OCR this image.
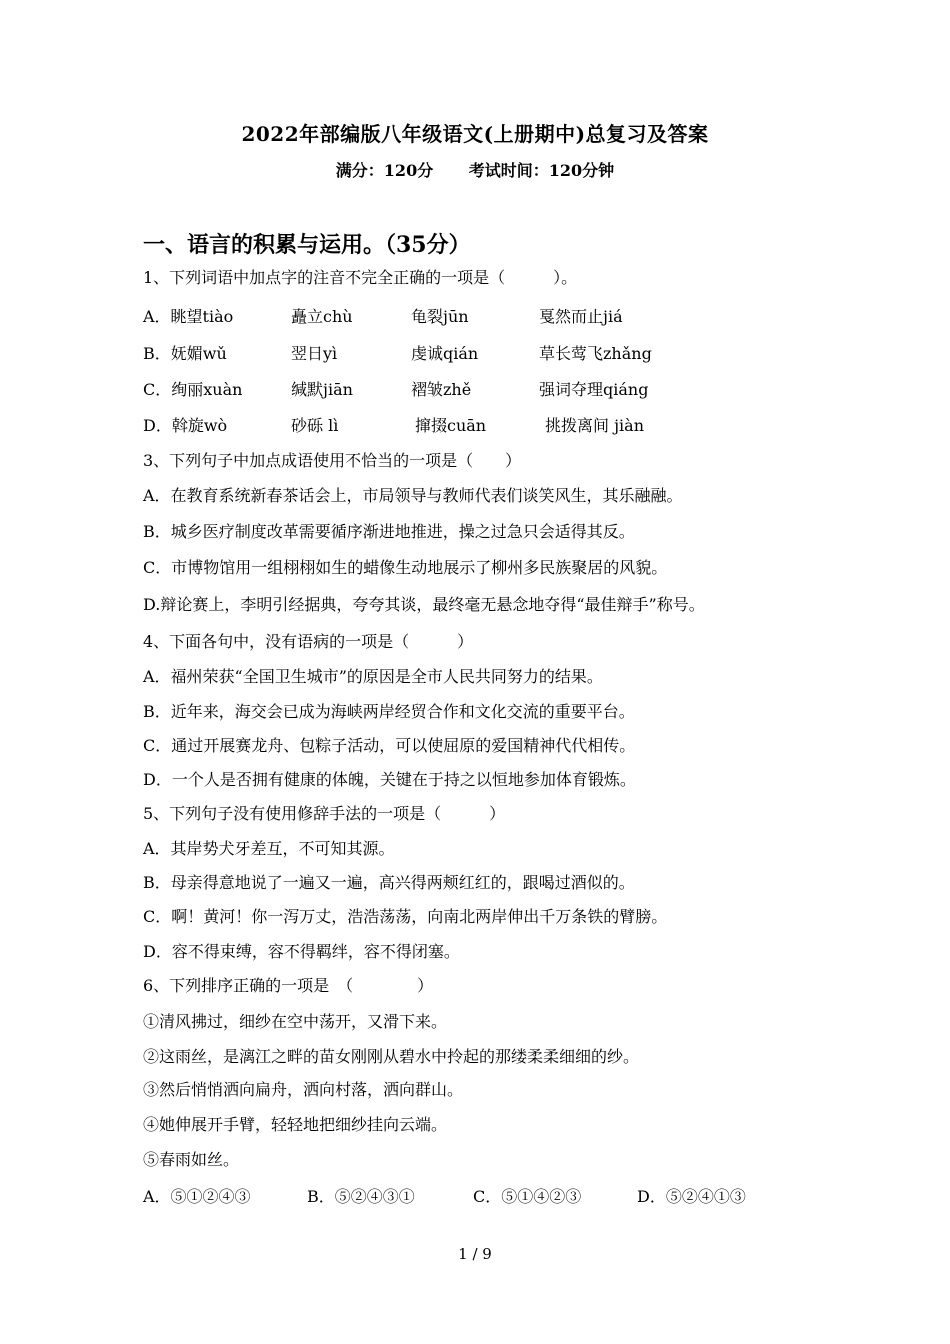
2022年部编版八年级语文(上册期中)总复习及答案
满分：120分 考试时间：120分钟
一、语言的积累与运用。（35分）
1、下列词语中加点字的注音不完全正确的一项是（　　　）。
A．眺望tiào	矗立chù	龟裂jūn	戛然而止jiá
B．妩媚wǔ	翌日yì	虔诚qián	草长莺飞zhǎng
C．绚丽xuàn	缄默jiān	褶皱zhě	强词夺理qiáng
D．斡旋wò	砂砾 lì	撺掇cuān	挑拨离间 jiàn
3、下列句子中加点成语使用不恰当的一项是（　　）
A．在教育系统新春茶话会上，市局领导与教师代表们谈笑风生，其乐融融。
B．城乡医疗制度改革需要循序渐进地推进，操之过急只会适得其反。
C．市博物馆用一组栩栩如生的蜡像生动地展示了柳州多民族聚居的风貌。
D.辩论赛上，李明引经据典，夸夸其谈，最终毫无悬念地夺得“最佳辩手”称号。
4、下面各句中，没有语病的一项是（　　　）
A．福州荣获“全国卫生城市”的原因是全市人民共同努力的结果。
B．近年来，海交会已成为海峡两岸经贸合作和文化交流的重要平台。
C．通过开展赛龙舟、包粽子活动，可以使屈原的爱国精神代代相传。
D．一个人是否拥有健康的体魄，关键在于持之以恒地参加体育锻炼。
5、下列句子没有使用修辞手法的一项是（　　　）
A．其岸势犬牙差互，不可知其源。
B．母亲得意地说了一遍又一遍，高兴得两颊红红的，跟喝过酒似的。
C．啊！黄河！你一泻万丈，浩浩荡荡，向南北两岸伸出千万条铁的臂膀。
D．容不得束缚，容不得羁绊，容不得闭塞。
6、下列排序正确的一项是　（　　　　）
①清风拂过，细纱在空中荡开，又滑下来。
②这雨丝，是漓江之畔的苗女刚刚从碧水中拎起的那缕柔柔细细的纱。
③然后悄悄洒向扁舟，洒向村落，洒向群山。
④她伸展开手臂，轻轻地把细纱挂向云端。
⑤春雨如丝。
A．⑤①②④③	B．⑤②④③①	C．⑤①④②③	D．⑤②④①③
1 / 9
